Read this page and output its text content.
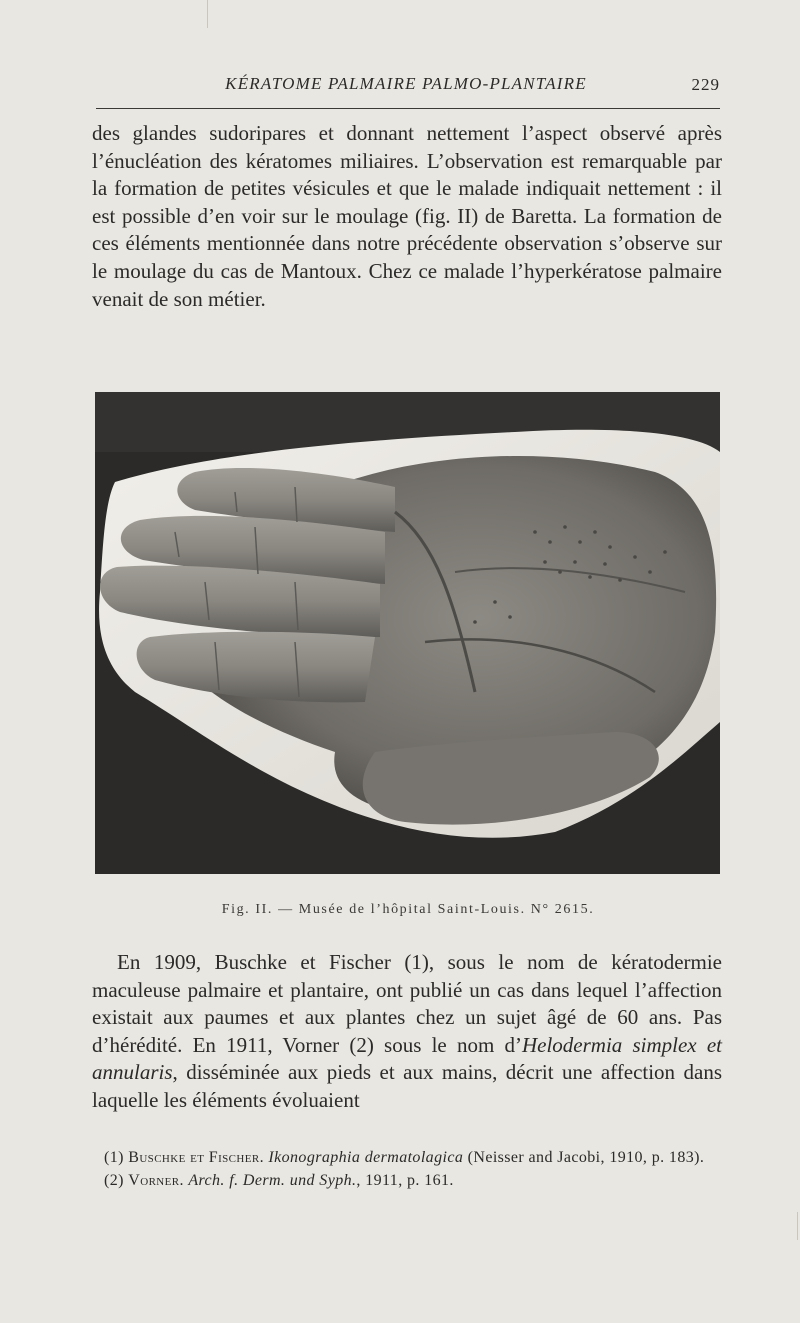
KÉRATOME PALMAIRE PALMO-PLANTAIRE	229

des glandes sudoripares et donnant nettement l’aspect observé après l’énucléation des kératomes miliaires. L’observation est remarquable par la formation de petites vésicules et que le malade indiquait nettement : il est possible d’en voir sur le moulage (fig. II) de Baretta. La formation de ces éléments mentionnée dans notre précédente observation s’observe sur le moulage du cas de Mantoux. Chez ce malade l’hyperkératose palmaire venait de son métier.

Fig. II. — Musée de l’hôpital Saint-Louis. N° 2615.

En 1909, Buschke et Fischer (1), sous le nom de kératodermie maculeuse palmaire et plantaire, ont publié un cas dans lequel l’affection existait aux paumes et aux plantes chez un sujet âgé de 60 ans. Pas d’hérédité. En 1911, Vorner (2) sous le nom d’Helodermia simplex et annularis, disséminée aux pieds et aux mains, décrit une affection dans laquelle les éléments évoluaient

(1) Buschke et Fischer. Ikonographia dermatolagica (Neisser and Jacobi, 1910, p. 183).
(2) Vorner. Arch. f. Derm. und Syph., 1911, p. 161.
